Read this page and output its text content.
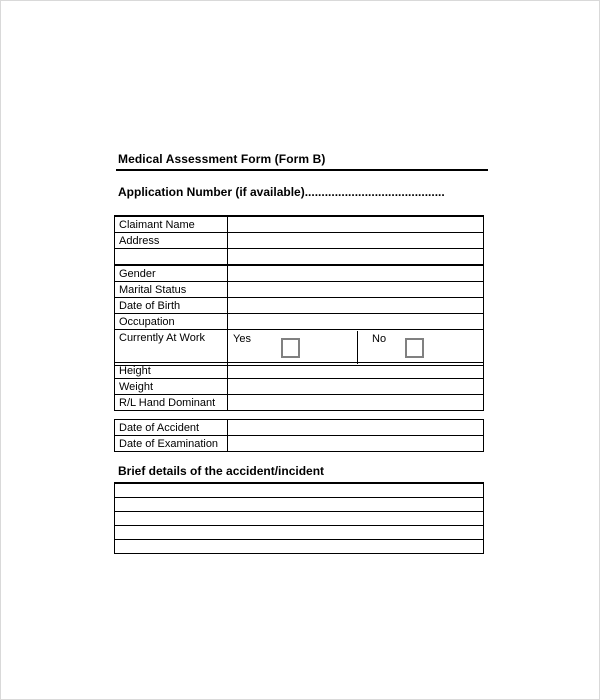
Medical Assessment Form (Form B)
Application Number (if available)..........................................
Claimant Name	
Address	

Gender	
Marital Status	
Date of Birth	
Occupation	
Currently At Work	Yes No
Height	
Weight	
R/L Hand Dominant	
Date of Accident	
Date of Examination	
Brief details of the accident/incident
